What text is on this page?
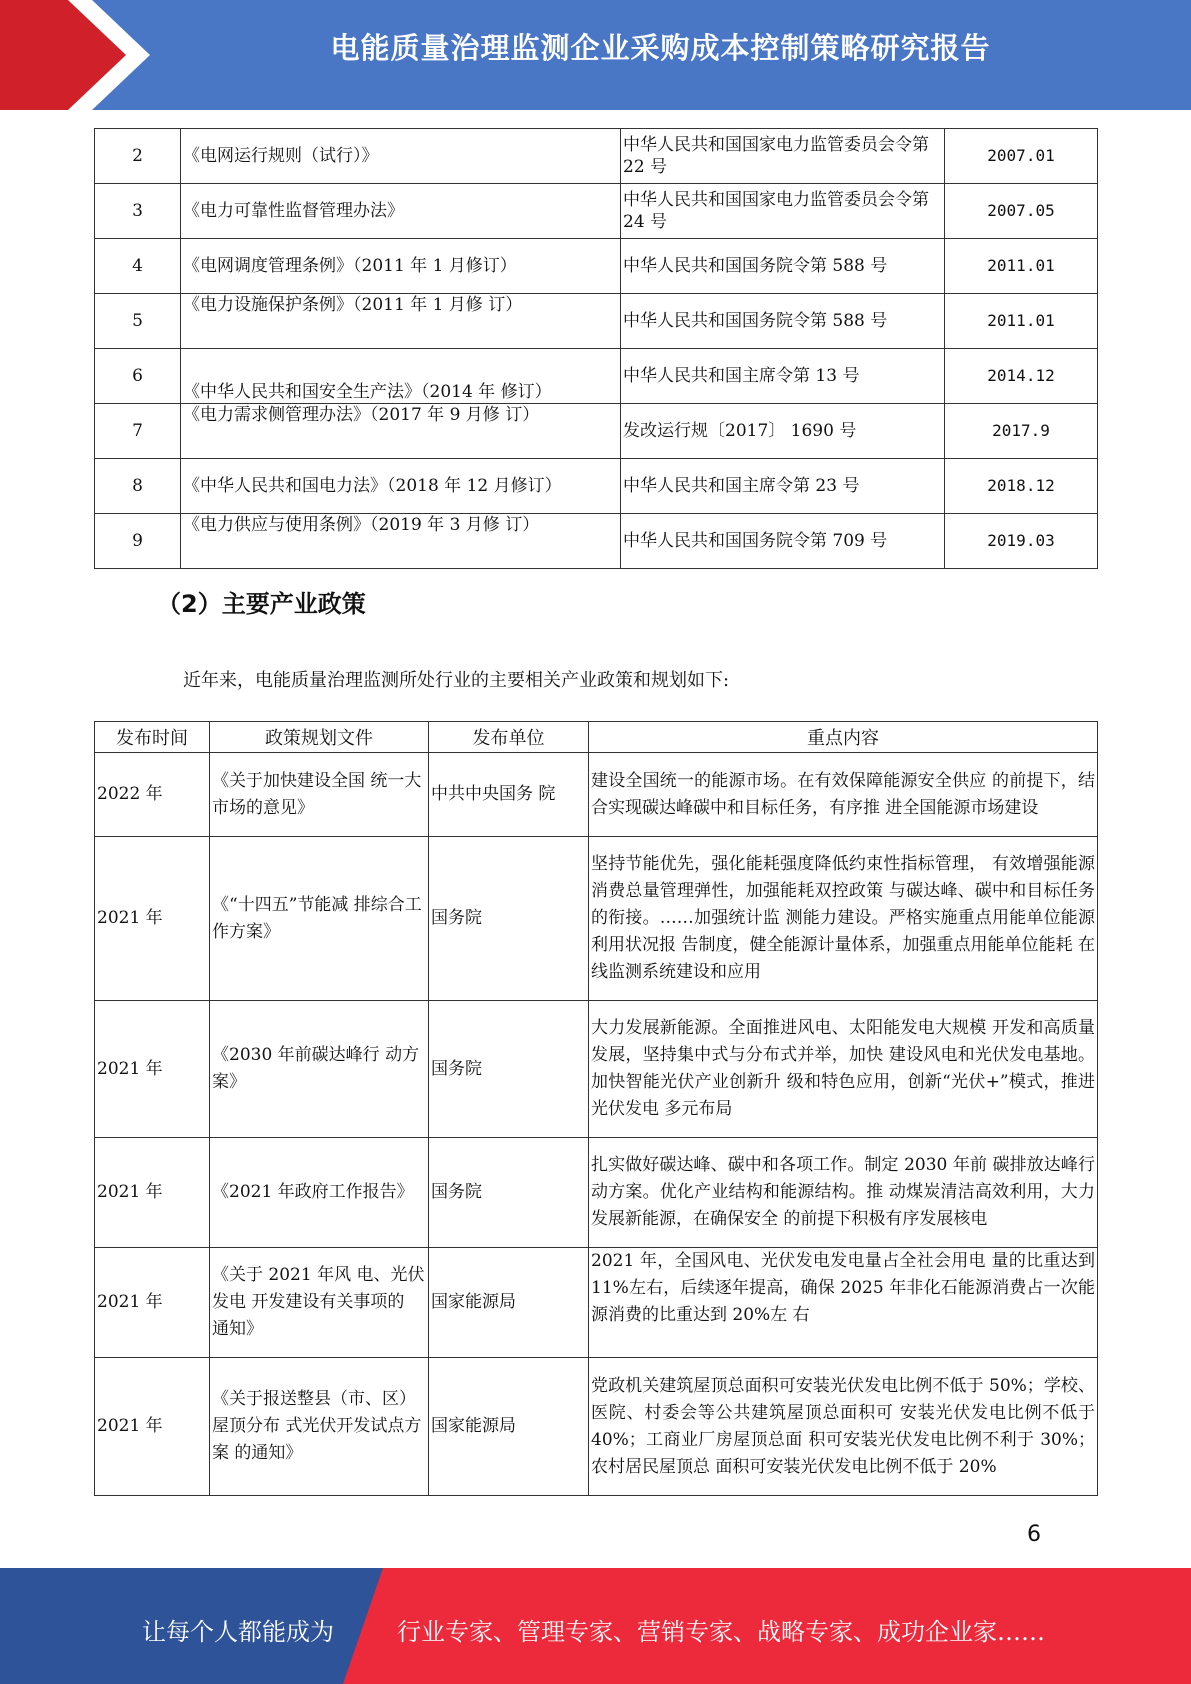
电能质量治理监测企业采购成本控制策略研究报告
2	《电网运行规则（试行）》	中华人民共和国国家电力监管委员会令第 22 号	2007.01
3	《电力可靠性监督管理办法》	中华人民共和国国家电力监管委员会令第 24 号	2007.05
4	《电网调度管理条例》（2011 年 1 月修订）	中华人民共和国国务院令第 588 号	2011.01
5	《电力设施保护条例》（2011 年 1 月修 订）	中华人民共和国国务院令第 588 号	2011.01
6	《中华人民共和国安全生产法》（2014 年 修订）	中华人民共和国主席令第 13 号	2014.12
7	《电力需求侧管理办法》（2017 年 9 月修 订）	发改运行规〔2017〕 1690 号	2017.9
8	《中华人民共和国电力法》（2018 年 12 月修订）	中华人民共和国主席令第 23 号	2018.12
9	《电力供应与使用条例》（2019 年 3 月修 订）	中华人民共和国国务院令第 709 号	2019.03
（2）主要产业政策
近年来，电能质量治理监测所处行业的主要相关产业政策和规划如下:
发布时间	政策规划文件	发布单位	重点内容
2022 年	《关于加快建设全国 统一大市场的意见》	中共中央国务 院	建设全国统一的能源市场。在有效保障能源安全供应 的前提下，结合实现碳达峰碳中和目标任务，有序推 进全国能源市场建设
2021 年	《“十四五”节能减 排综合工作方案》	国务院	坚持节能优先，强化能耗强度降低约束性指标管理， 有效增强能源消费总量管理弹性，加强能耗双控政策 与碳达峰、碳中和目标任务的衔接。……加强统计监 测能力建设。严格实施重点用能单位能源利用状况报 告制度，健全能源计量体系，加强重点用能单位能耗 在线监测系统建设和应用
2021 年	《2030 年前碳达峰行 动方案》	国务院	大力发展新能源。全面推进风电、太阳能发电大规模 开发和高质量发展，坚持集中式与分布式并举，加快 建设风电和光伏发电基地。加快智能光伏产业创新升 级和特色应用，创新“光伏+”模式，推进光伏发电 多元布局
2021 年	《2021 年政府工作报告》	国务院	扎实做好碳达峰、碳中和各项工作。制定 2030 年前 碳排放达峰行动方案。优化产业结构和能源结构。推 动煤炭清洁高效利用，大力发展新能源，在确保安全 的前提下积极有序发展核电
2021 年	《关于 2021 年风 电、光伏发电 开发建设有关事项的 通知》	国家能源局	2021 年，全国风电、光伏发电发电量占全社会用电 量的比重达到 11%左右，后续逐年提高，确保 2025 年非化石能源消费占一次能源消费的比重达到 20%左 右
2021 年	《关于报送整县（市、区）屋顶分布 式光伏开发试点方案 的通知》	国家能源局	党政机关建筑屋顶总面积可安装光伏发电比例不低于 50%；学校、医院、村委会等公共建筑屋顶总面积可 安装光伏发电比例不低于 40%；工商业厂房屋顶总面 积可安装光伏发电比例不利于 30%；农村居民屋顶总 面积可安装光伏发电比例不低于 20%
6
让每个人都能成为	行业专家、管理专家、营销专家、战略专家、成功企业家……
